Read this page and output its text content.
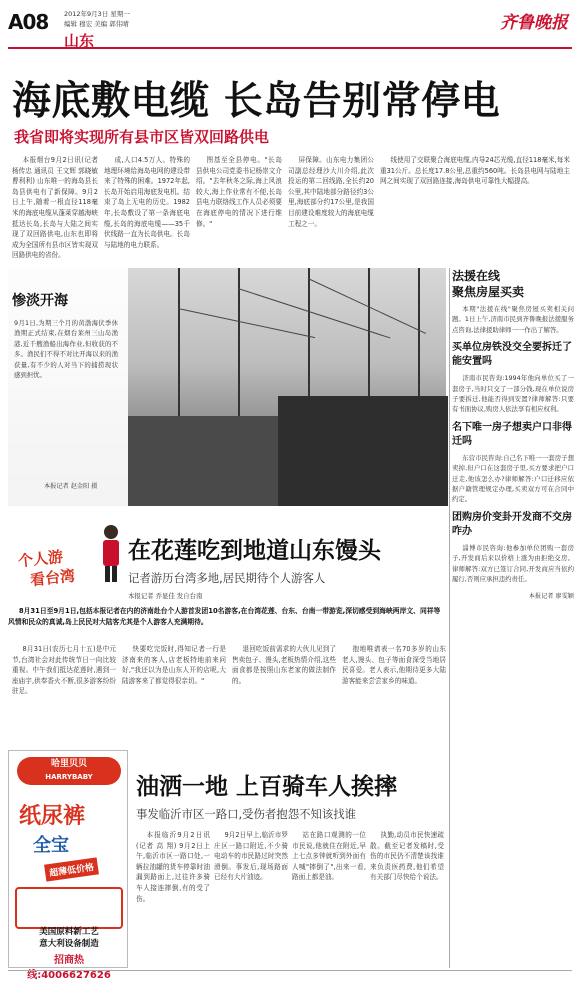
A08 2012年9月3日 星期一
编辑 穆宏 美编 郭伟晴
山东
齐鲁晚报
海底敷电缆 长岛告别常停电
我省即将实现所有县市区皆双回路供电

本报烟台9月2日讯(记者 杨传忠 通讯员 王文辉 郭晓敏 曹利利) 山东唯一的海岛县长岛县供电有了新保障。9月2日上午,随着一根直径118毫米的海底电缆从蓬莱穿越海峡抵达长岛,长岛与大陆之间实现了双回路供电,山东也即将成为全国所有县市区皆实现双回路供电的省份。

成,人口4.5万人。特殊的地理环境给海岛电网的建设带来了特殊的困难。1972年起,长岛开始启用海底发电机。结束了岛上无电的历史。1982年,长岛敷设了第一条海底电缆,长岛的海底电缆——35千伏线路一直为长岛供电。长岛与陆地的电力联系。

图基至全县停电。"长岛县供电公司党委书记杨崇文介绍。"去年秋冬之际,海上风浪较大,海上作业常有不便,长岛县电力联络线工作人员必须要在海底停电的情况下进行维修。"

屏保障。山东电力集团公司副总经理沙大川介绍,此次投运的第二回线路,全长约20公里,其中陆地部分路径约3公里,海底部分约17公里,是我国目前建设难度较大的海底电缆工程之一。

线使用了交联聚合海底电缆,内导24芯光缆,直径118毫米,每米重31公斤。总长度17.8公里,总重约560吨。长岛县电网与陆地主网之间实现了双回路连接,海岛供电可靠性大幅提高。

惨淡开海
9月1日,为期三个月的黄渤海伏季休渔期正式结束,在烟台莱州三山岛渔港,近千艘渔船出海作业,但收获的不多。渔民们不得不对比开海以来的渔获量,有不少的人对当下的捕捞现状感到担忧。
本报记者 赵金阳 摄
法援在线
聚焦房屋买卖

本期"法援在线"聚焦房屋买卖相关问题。1日上午,济南市民到齐鲁晚报法援服务点咨询,法律援助律师一一作出了解答。

买单位房铁没交全要拆迁了能安置吗

济南市民咨询:1994年他向单位买了一套房子,当时只交了一部分钱,现在单位说房子要拆迁,他能否得到安置?律师解答:只要有书面协议,购房人依法享有相应权利。

名下唯一房子想卖户口非得迁吗

东营市民咨询:自己名下唯一一套房子想卖掉,但户口在这套房子里,买方要求把户口迁走,他该怎么办?律师解答:户口迁移应依据户籍管理规定办理,买卖双方可在合同中约定。

团购房价变卦开发商不交房咋办

淄博市民咨询:他参加单位团购一套房子,开发商后来以价格上涨为由拒绝交房。律师解答:双方已签订合同,开发商应当依约履行,否则应承担违约责任。

本报记者 廖雯颖
个人游
看台湾
在花莲吃到地道山东馒头
记者游历台湾多地,居民期待个人游客人
本报记者 乔显佳 发自台南

8月31日至9月1日,包括本报记者在内的济南赴台个人游首发团10名游客,在台湾花莲、台东、台南一带游览,深切感受到海峡两岸文、同祥等风情和民众的真诚,岛上民民对大陆客尤其是个人游客人充满期待。

8月31日(农历七月十五)是中元节,台湾社会对此传统节日一向比较重视。中午我们抵达花莲时,遇到一座庙宇,供奉香火不断,很多游客纷纷驻足。

快要吃完饭时,得知记者一行是济南来的客人,店老板特地前来问好,"我还以为是山东人开的店呢,大陆游客来了都觉得很亲切。"

退回吃饭前需求的大伙儿见到了售卖包子、馒头,老板热情介绍,这些面食都是按照山东老家的做法制作的。

抱地唯请表一名70多岁的山东老人,馒头、包子等面食深受当地居民喜爱。老人表示,他期待更多大陆游客能来尝尝家乡的味道。

哈里贝贝
HARRYBABY
纸尿裤
全宝
超薄低价格
美国原料新工艺
意大利设备制造
招商热线:4006627626
油洒一地 上百骑车人挨摔
事发临沂市区一路口,受伤者抱怨不知该找谁

本报临沂9月2日讯(记者 高 翔) 9月2日上午,临沂市区一路口处,一辆拉油罐的货车停靠时油漏到路面上,过往许多骑车人接连摔倒,有的受了伤。

9月2日早上,临沂市罗庄区一路口附近,不少骑电动车的市民路过时突然滑倒。事发后,现场路面已经有大片油迹。

站在路口观测的一位市民说,他就住在附近,早上七点多钟就听到外面有人喊"摔倒了",出来一看,路面上都是油。

执勤,动员市民快速疏散。截至记者发稿时,受伤的市民仍不清楚该找谁来负责医药费,他们希望有关部门尽快给个说法。
